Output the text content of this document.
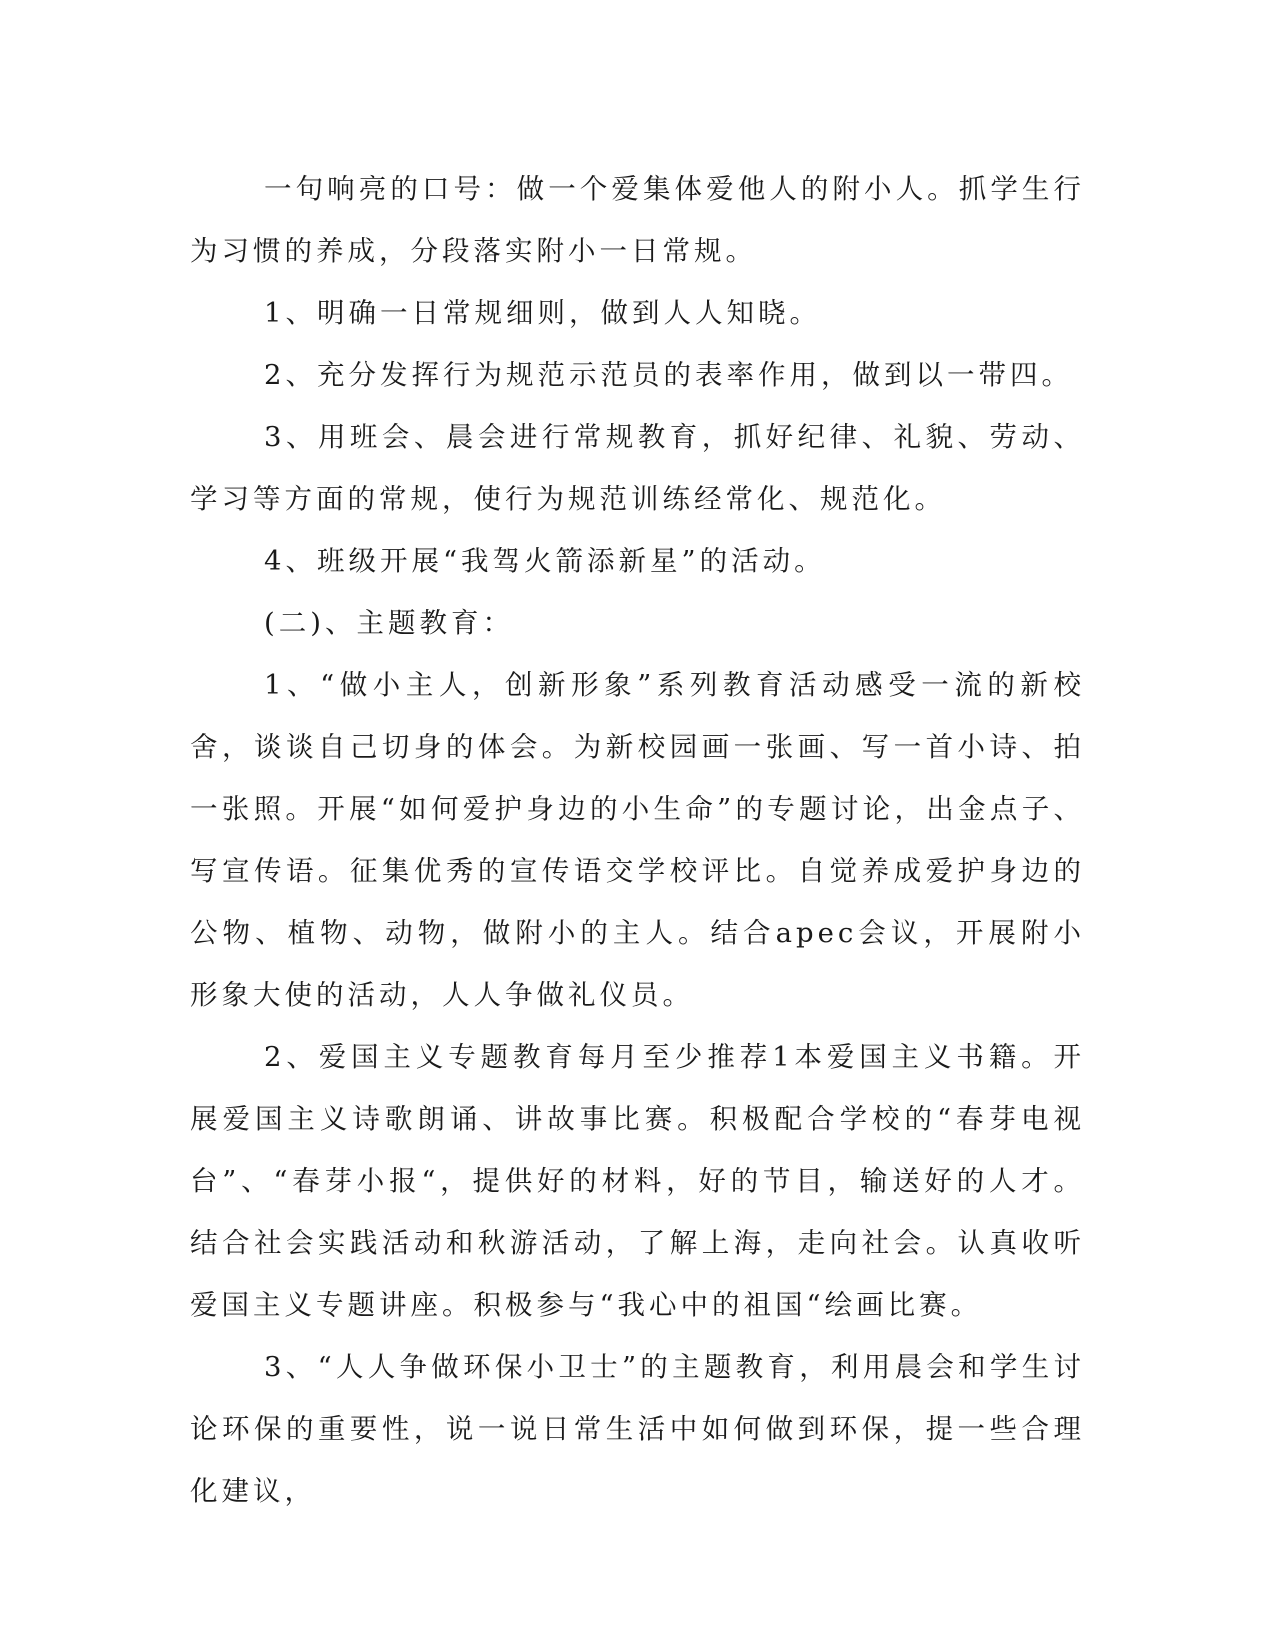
一句响亮的口号：做一个爱集体爱他人的附小人。抓学生行为习惯的养成，分段落实附小一日常规。

1、明确一日常规细则，做到人人知晓。

2、充分发挥行为规范示范员的表率作用，做到以一带四。

3、用班会、晨会进行常规教育，抓好纪律、礼貌、劳动、学习等方面的常规，使行为规范训练经常化、规范化。

4、班级开展“我驾火箭添新星”的活动。

(二)、主题教育：

1、“做小主人，创新形象”系列教育活动感受一流的新校舍，谈谈自己切身的体会。为新校园画一张画、写一首小诗、拍一张照。开展“如何爱护身边的小生命”的专题讨论，出金点子、写宣传语。征集优秀的宣传语交学校评比。自觉养成爱护身边的公物、植物、动物，做附小的主人。结合apec会议，开展附小形象大使的活动，人人争做礼仪员。

2、爱国主义专题教育每月至少推荐1本爱国主义书籍。开展爱国主义诗歌朗诵、讲故事比赛。积极配合学校的“春芽电视台”、“春芽小报“，提供好的材料，好的节目，输送好的人才。结合社会实践活动和秋游活动，了解上海，走向社会。认真收听爱国主义专题讲座。积极参与“我心中的祖国“绘画比赛。

3、“人人争做环保小卫士”的主题教育，利用晨会和学生讨论环保的重要性，说一说日常生活中如何做到环保，提一些合理化建议，
